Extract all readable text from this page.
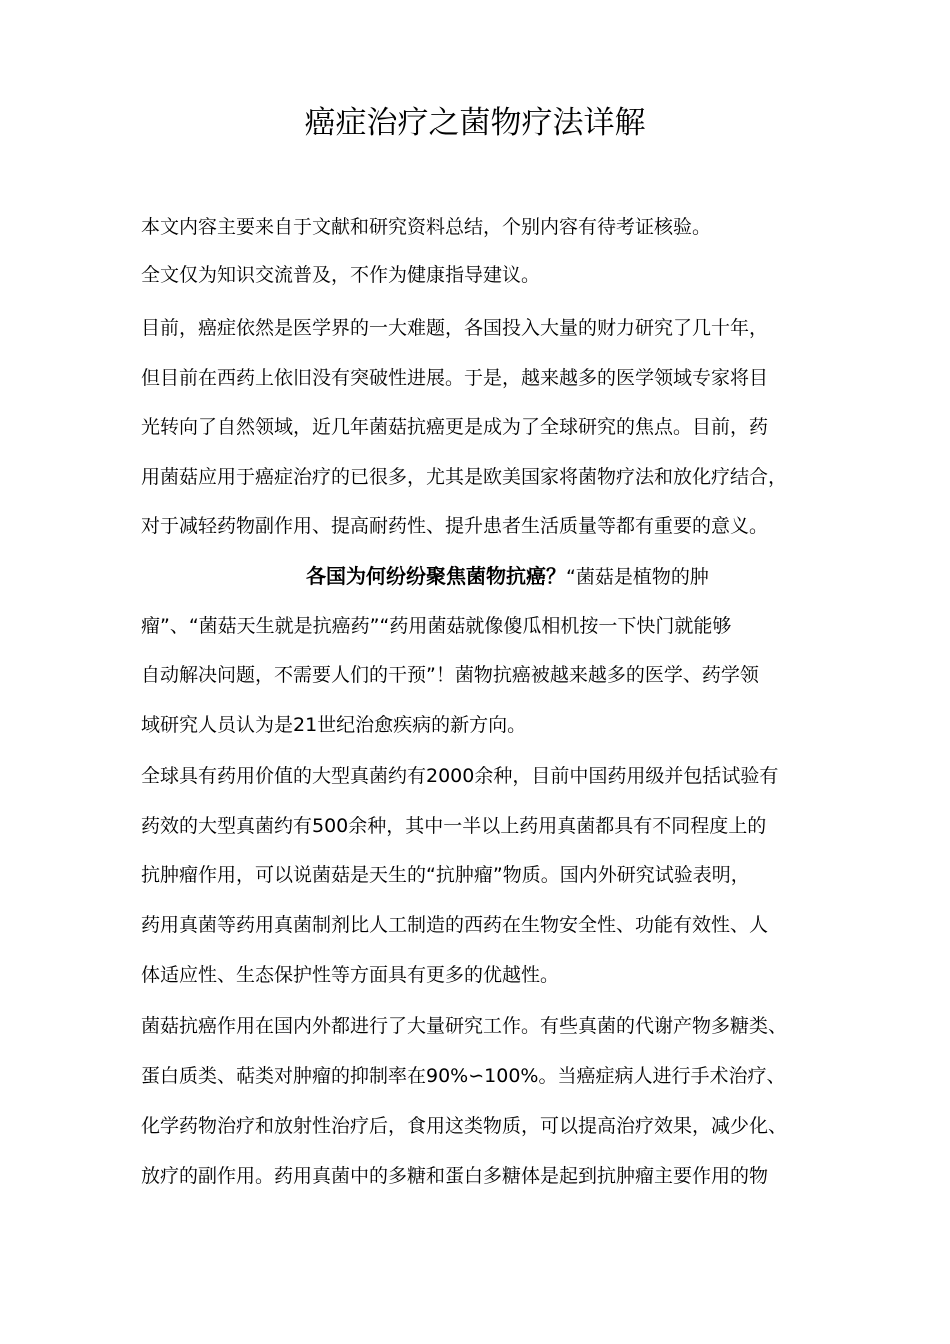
癌症治疗之菌物疗法详解

本文内容主要来自于文献和研究资料总结，个别内容有待考证核验。

全文仅为知识交流普及，不作为健康指导建议。

目前，癌症依然是医学界的一大难题，各国投入大量的财力研究了几十年，

但目前在西药上依旧没有突破性进展。于是，越来越多的医学领域专家将目

光转向了自然领域，近几年菌菇抗癌更是成为了全球研究的焦点。目前，药

用菌菇应用于癌症治疗的已很多，尤其是欧美国家将菌物疗法和放化疗结合，

对于减轻药物副作用、提高耐药性、提升患者生活质量等都有重要的意义。

各国为何纷纷聚焦菌物抗癌？“菌菇是植物的肿

瘤”、“菌菇天生就是抗癌药”“药用菌菇就像傻瓜相机按一下快门就能够

自动解决问题，不需要人们的干预”！菌物抗癌被越来越多的医学、药学领

域研究人员认为是21世纪治愈疾病的新方向。

全球具有药用价值的大型真菌约有2000余种，目前中国药用级并包括试验有

药效的大型真菌约有500余种，其中一半以上药用真菌都具有不同程度上的

抗肿瘤作用，可以说菌菇是天生的“抗肿瘤”物质。国内外研究试验表明，

药用真菌等药用真菌制剂比人工制造的西药在生物安全性、功能有效性、人

体适应性、生态保护性等方面具有更多的优越性。

菌菇抗癌作用在国内外都进行了大量研究工作。有些真菌的代谢产物多糖类、

蛋白质类、萜类对肿瘤的抑制率在90%∽100%。当癌症病人进行手术治疗、

化学药物治疗和放射性治疗后，食用这类物质，可以提高治疗效果，减少化、

放疗的副作用。药用真菌中的多糖和蛋白多糖体是起到抗肿瘤主要作用的物
